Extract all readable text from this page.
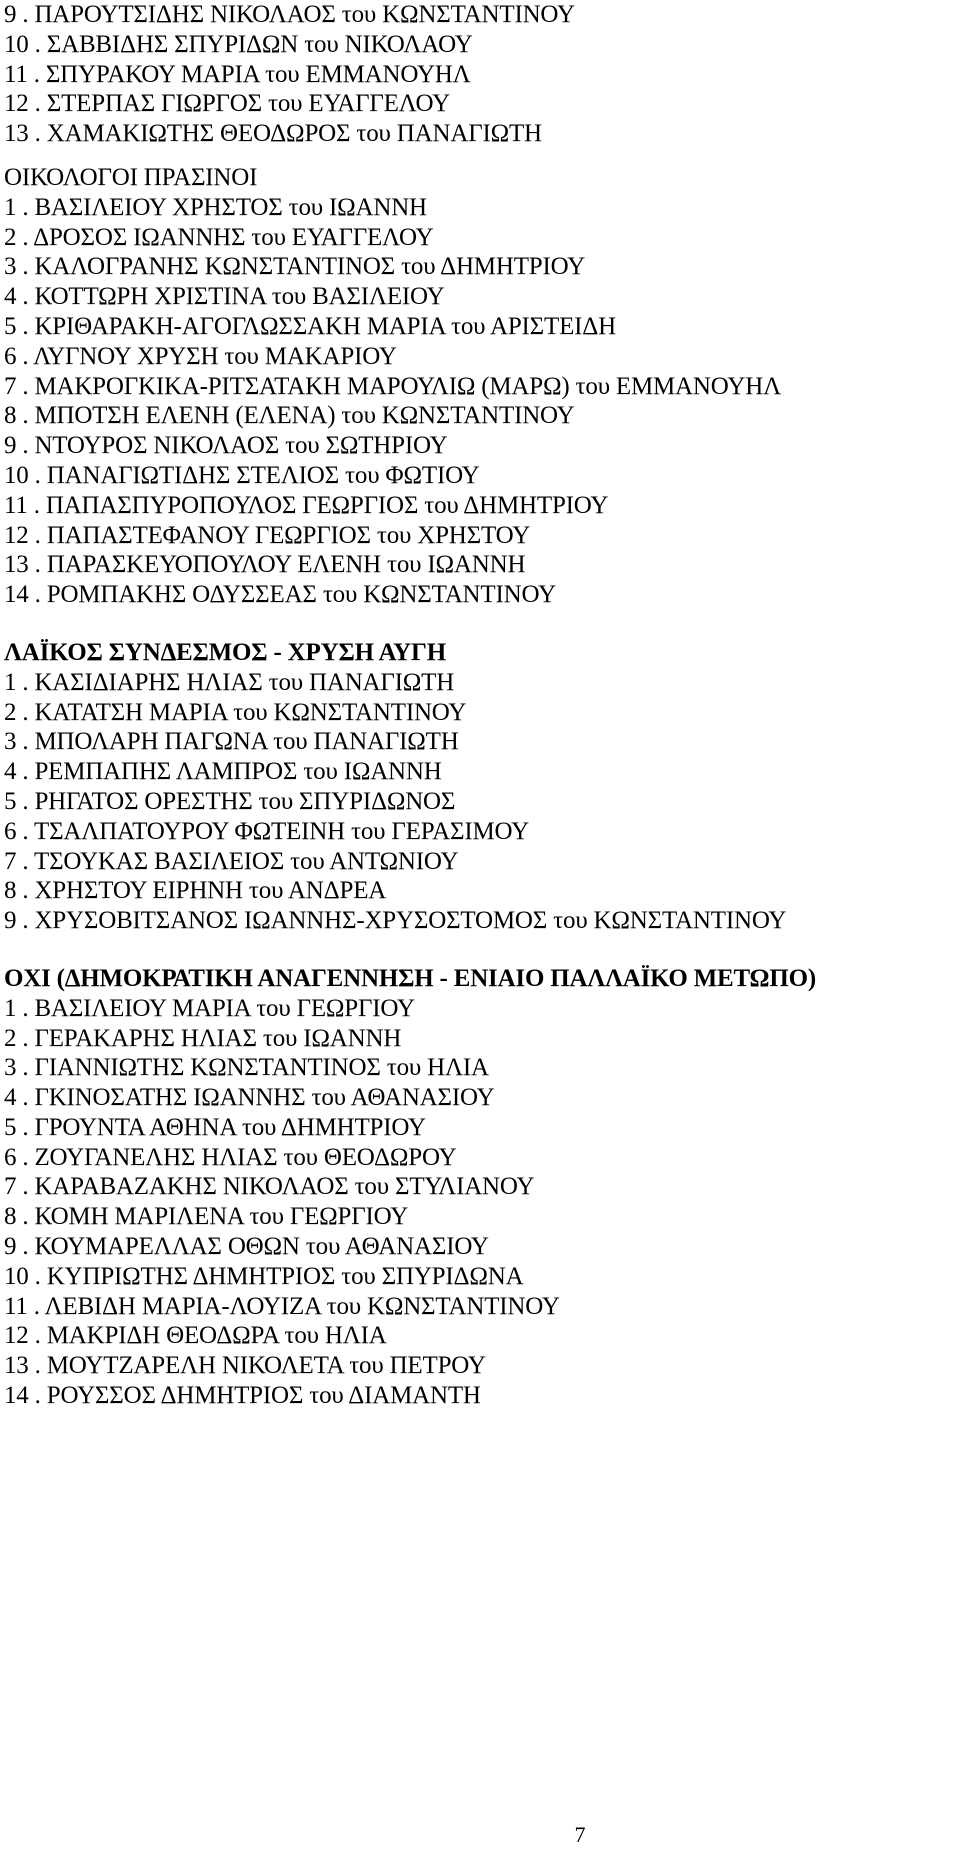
9 . ΠΑΡΟΥΤΣΙΔΗΣ ΝΙΚΟΛΑΟΣ του ΚΩΝΣΤΑΝΤΙΝΟΥ
10 . ΣΑΒΒΙΔΗΣ ΣΠΥΡΙΔΩΝ του ΝΙΚΟΛΑΟΥ
11 . ΣΠΥΡΑΚΟΥ ΜΑΡΙΑ του ΕΜΜΑΝΟΥΗΛ
12 . ΣΤΕΡΠΑΣ ΓΙΩΡΓΟΣ του ΕΥΑΓΓΕΛΟΥ
13 . ΧΑΜΑΚΙΩΤΗΣ ΘΕΟΔΩΡΟΣ του ΠΑΝΑΓΙΩΤΗ
ΟΙΚΟΛΟΓΟΙ ΠΡΑΣΙΝΟΙ
1 . ΒΑΣΙΛΕΙΟΥ ΧΡΗΣΤΟΣ του ΙΩΑΝΝΗ
2 . ΔΡΟΣΟΣ ΙΩΑΝΝΗΣ του ΕΥΑΓΓΕΛΟΥ
3 . ΚΑΛΟΓΡΑΝΗΣ ΚΩΝΣΤΑΝΤΙΝΟΣ του ΔΗΜΗΤΡΙΟΥ
4 . ΚΟΤΤΩΡΗ ΧΡΙΣΤΙΝΑ του ΒΑΣΙΛΕΙΟΥ
5 . ΚΡΙΘΑΡΑΚΗ-ΑΓΟΓΛΩΣΣΑΚΗ ΜΑΡΙΑ του ΑΡΙΣΤΕΙΔΗ
6 . ΛΥΓΝΟΥ ΧΡΥΣΗ του ΜΑΚΑΡΙΟΥ
7 . ΜΑΚΡΟΓΚΙΚΑ-ΡΙΤΣΑΤΑΚΗ ΜΑΡΟΥΛΙΩ (ΜΑΡΩ) του ΕΜΜΑΝΟΥΗΛ
8 . ΜΠΟΤΣΗ ΕΛΕΝΗ (ΕΛΕΝΑ) του ΚΩΝΣΤΑΝΤΙΝΟΥ
9 . ΝΤΟΥΡΟΣ ΝΙΚΟΛΑΟΣ του ΣΩΤΗΡΙΟΥ
10 . ΠΑΝΑΓΙΩΤΙΔΗΣ ΣΤΕΛΙΟΣ του ΦΩΤΙΟΥ
11 . ΠΑΠΑΣΠΥΡΟΠΟΥΛΟΣ ΓΕΩΡΓΙΟΣ του ΔΗΜΗΤΡΙΟΥ
12 . ΠΑΠΑΣΤΕΦΑΝΟΥ ΓΕΩΡΓΙΟΣ του ΧΡΗΣΤΟΥ
13 . ΠΑΡΑΣΚΕΥΟΠΟΥΛΟΥ ΕΛΕΝΗ του ΙΩΑΝΝΗ
14 . ΡΟΜΠΑΚΗΣ ΟΔΥΣΣΕΑΣ του ΚΩΝΣΤΑΝΤΙΝΟΥ
ΛΑΪΚΟΣ ΣΥΝΔΕΣΜΟΣ - ΧΡΥΣΗ ΑΥΓΗ
1 . ΚΑΣΙΔΙΑΡΗΣ ΗΛΙΑΣ του ΠΑΝΑΓΙΩΤΗ
2 . ΚΑΤΑΤΣΗ ΜΑΡΙΑ του ΚΩΝΣΤΑΝΤΙΝΟΥ
3 . ΜΠΟΛΑΡΗ ΠΑΓΩΝΑ του ΠΑΝΑΓΙΩΤΗ
4 . ΡΕΜΠΑΠΗΣ ΛΑΜΠΡΟΣ του ΙΩΑΝΝΗ
5 . ΡΗΓΑΤΟΣ ΟΡΕΣΤΗΣ του ΣΠΥΡΙΔΩΝΟΣ
6 . ΤΣΑΛΠΑΤΟΥΡΟΥ ΦΩΤΕΙΝΗ του ΓΕΡΑΣΙΜΟΥ
7 . ΤΣΟΥΚΑΣ ΒΑΣΙΛΕΙΟΣ του ΑΝΤΩΝΙΟΥ
8 . ΧΡΗΣΤΟΥ ΕΙΡΗΝΗ του ΑΝΔΡΕΑ
9 . ΧΡΥΣΟΒΙΤΣΑΝΟΣ ΙΩΑΝΝΗΣ-ΧΡΥΣΟΣΤΟΜΟΣ του ΚΩΝΣΤΑΝΤΙΝΟΥ
ΟΧΙ (ΔΗΜΟΚΡΑΤΙΚΗ ΑΝΑΓΕΝΝΗΣΗ - ΕΝΙΑΙΟ ΠΑΛΛΑΪΚΟ ΜΕΤΩΠΟ)
1 . ΒΑΣΙΛΕΙΟΥ ΜΑΡΙΑ του ΓΕΩΡΓΙΟΥ
2 . ΓΕΡΑΚΑΡΗΣ ΗΛΙΑΣ του ΙΩΑΝΝΗ
3 . ΓΙΑΝΝΙΩΤΗΣ ΚΩΝΣΤΑΝΤΙΝΟΣ του ΗΛΙΑ
4 . ΓΚΙΝΟΣΑΤΗΣ ΙΩΑΝΝΗΣ του ΑΘΑΝΑΣΙΟΥ
5 . ΓΡΟΥΝΤΑ ΑΘΗΝΑ του ΔΗΜΗΤΡΙΟΥ
6 . ΖΟΥΓΑΝΕΛΗΣ ΗΛΙΑΣ του ΘΕΟΔΩΡΟΥ
7 . ΚΑΡΑΒΑΖΑΚΗΣ ΝΙΚΟΛΑΟΣ του ΣΤΥΛΙΑΝΟΥ
8 . ΚΟΜΗ ΜΑΡΙΛΕΝΑ του ΓΕΩΡΓΙΟΥ
9 . ΚΟΥΜΑΡΕΛΛΑΣ ΟΘΩΝ του ΑΘΑΝΑΣΙΟΥ
10 . ΚΥΠΡΙΩΤΗΣ ΔΗΜΗΤΡΙΟΣ του ΣΠΥΡΙΔΩΝΑ
11 . ΛΕΒΙΔΗ ΜΑΡΙΑ-ΛΟΥΙΖΑ του ΚΩΝΣΤΑΝΤΙΝΟΥ
12 . ΜΑΚΡΙΔΗ ΘΕΟΔΩΡΑ του ΗΛΙΑ
13 . ΜΟΥΤΖΑΡΕΛΗ ΝΙΚΟΛΕΤΑ του ΠΕΤΡΟΥ
14 . ΡΟΥΣΣΟΣ ΔΗΜΗΤΡΙΟΣ του ΔΙΑΜΑΝΤΗ
7
